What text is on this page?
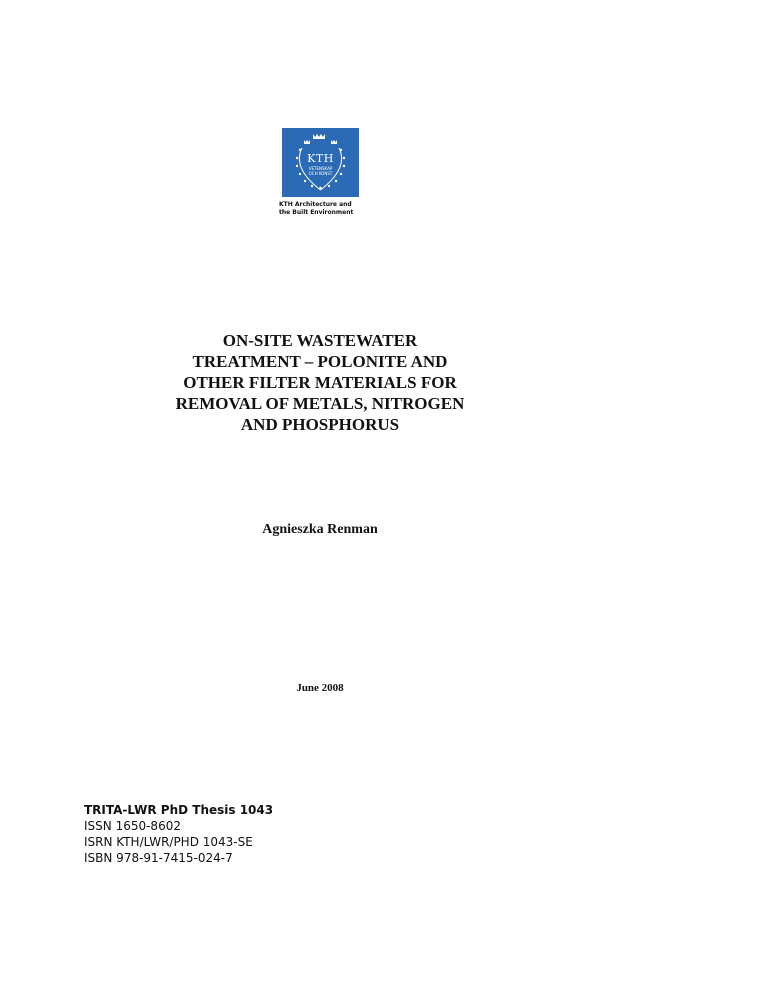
KTH
VETENSKAP
OCH KONST
KTH Architecture and
the Built Environment
ON-SITE WASTEWATER
TREATMENT – POLONITE AND
OTHER FILTER MATERIALS FOR
REMOVAL OF METALS, NITROGEN
AND PHOSPHORUS
Agnieszka Renman
June 2008
TRITA-LWR PhD Thesis 1043
ISSN 1650-8602
ISRN KTH/LWR/PHD 1043-SE
ISBN 978-91-7415-024-7
